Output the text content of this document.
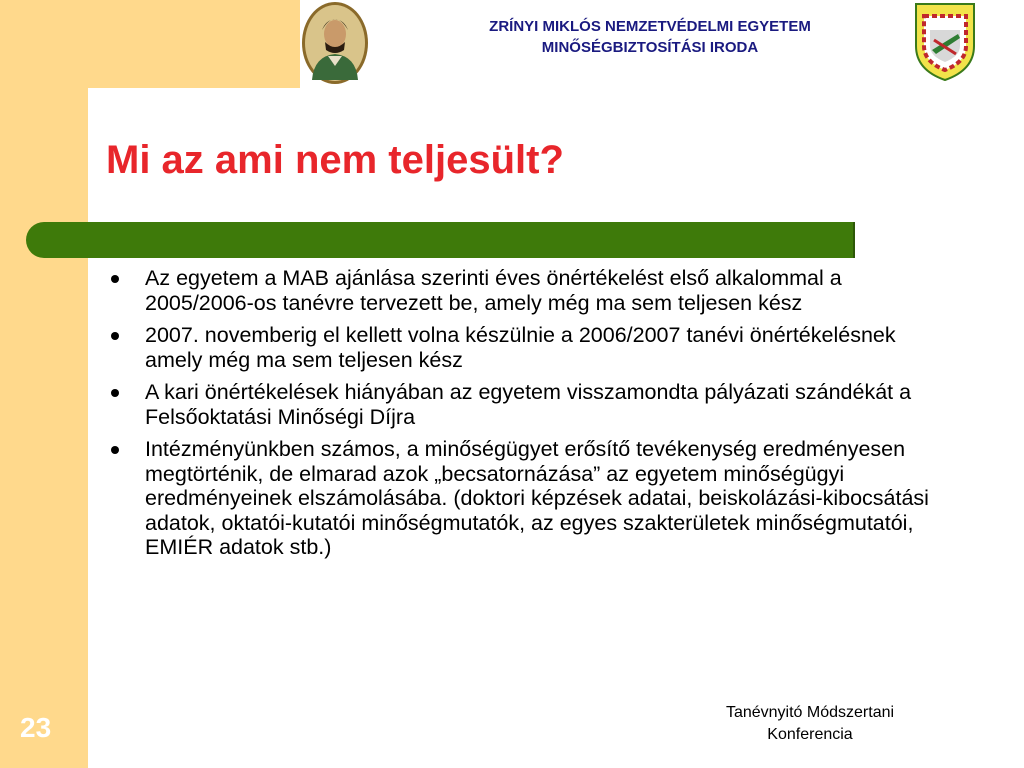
ZRÍNYI MIKLÓS NEMZETVÉDELMI EGYETEM
MINŐSÉGBIZTOSÍTÁSI IRODA
Mi az ami nem teljesült?
Az egyetem a MAB ajánlása szerinti éves önértékelést első alkalommal a 2005/2006-os tanévre tervezett be, amely még ma sem teljesen kész
2007. novemberig el kellett volna készülnie a 2006/2007 tanévi önértékelésnek amely még ma sem teljesen kész
A kari önértékelések hiányában az egyetem visszamondta pályázati szándékát a Felsőoktatási Minőségi Díjra
Intézményünkben számos, a minőségügyet erősítő tevékenység eredményesen megtörténik, de elmarad azok „becsatornázása” az egyetem minőségügyi eredményeinek elszámolásába. (doktori képzések adatai, beiskolázási-kibocsátási adatok, oktatói-kutatói minőségmutatók, az egyes szakterületek minőségmutatói, EMIÉR adatok stb.)
23	Tanévnyitó Módszertani
Konferencia
